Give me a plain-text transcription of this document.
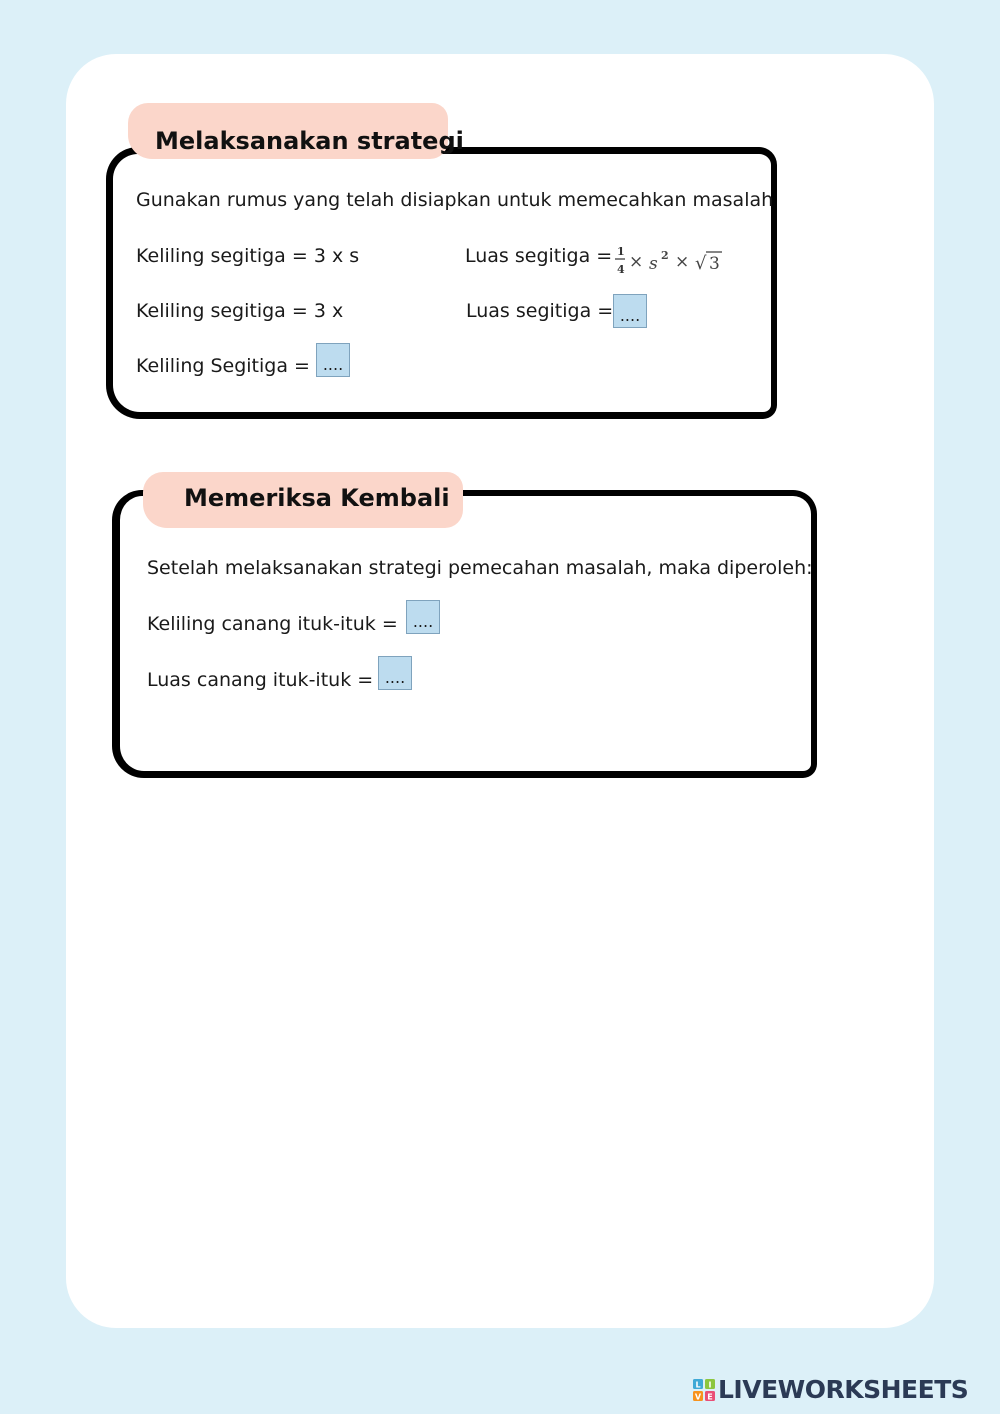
Melaksanakan strategi
Gunakan rumus yang telah disiapkan untuk memecahkan masalah
Keliling segitiga = 3 x s	Luas segitiga = 1
4 × s 2 × √ 3
Keliling segitiga = 3 x	Luas segitiga = ....
Keliling Segitiga = ....
Memeriksa Kembali
Setelah melaksanakan strategi pemecahan masalah, maka diperoleh:
Keliling canang ituk-ituk = ....
Luas canang ituk-ituk = ....
L I
V E LIVEWORKSHEETS
